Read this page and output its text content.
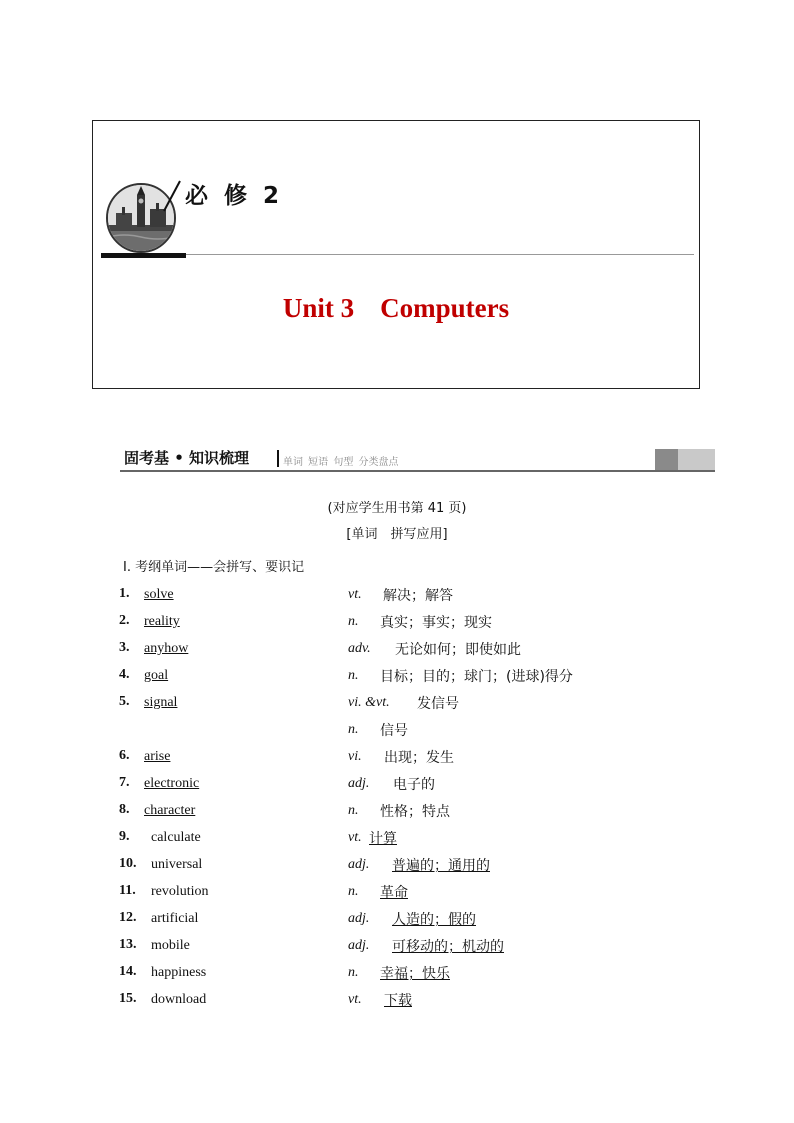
必 修 2
Unit 3 Computers
固考基 • 知识梳理	单词 短语 句型 分类盘点
(对应学生用书第 41 页)
[单词　拼写应用]
Ⅰ. 考纲单词——会拼写、要识记
1. solve	vt. 解决；解答
2. reality	n. 真实；事实；现实
3. anyhow	adv. 无论如何；即使如此
4. goal	n. 目标；目的；球门；(进球)得分
5. signal	vi. &vt. 发信号
n. 信号
6. arise	vi. 出现；发生
7. electronic	adj. 电子的
8. character	n. 性格；特点
9. calculate	vt. 计算
10. universal	adj. 普遍的；通用的
11. revolution	n. 革命
12. artificial	adj. 人造的；假的
13. mobile	adj. 可移动的；机动的
14. happiness	n. 幸福；快乐
15. download	vt. 下载
